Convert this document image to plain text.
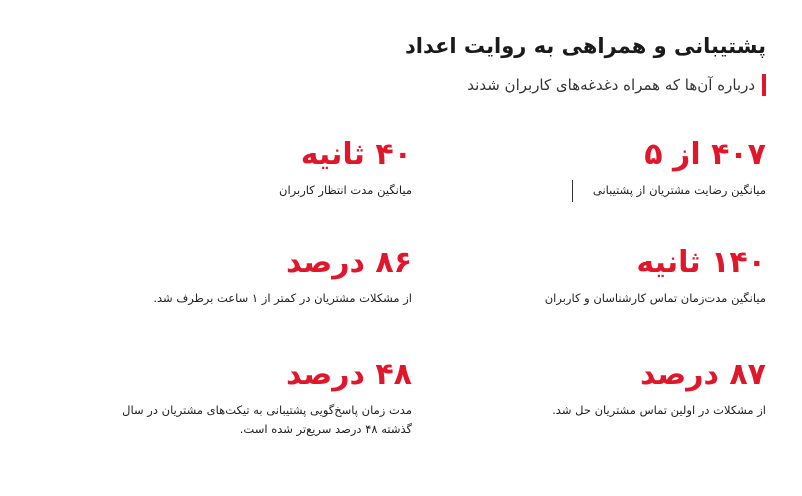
پشتیبانی و همراهی به روایت اعداد
درباره آن‌ها که همراه دغدغه‌های کاربران شدند
۴۰۷ از ۵
میانگین رضایت مشتریان از پشتیبانی
۴۰ ثانیه
میانگین مدت انتظار کاربران
۱۴۰ ثانیه
میانگین مدت‌زمان تماس کارشناسان و کاربران
۸۶ درصد
از مشکلات مشتریان در کمتر از ۱ ساعت برطرف شد.
۸۷ درصد
از مشکلات در اولین تماس مشتریان حل شد.
۴۸ درصد
مدت زمان پاسخ‌گویی پشتیبانی به تیکت‌های مشتریان در سال گذشته ۴۸ درصد سریع‌تر شده است.
